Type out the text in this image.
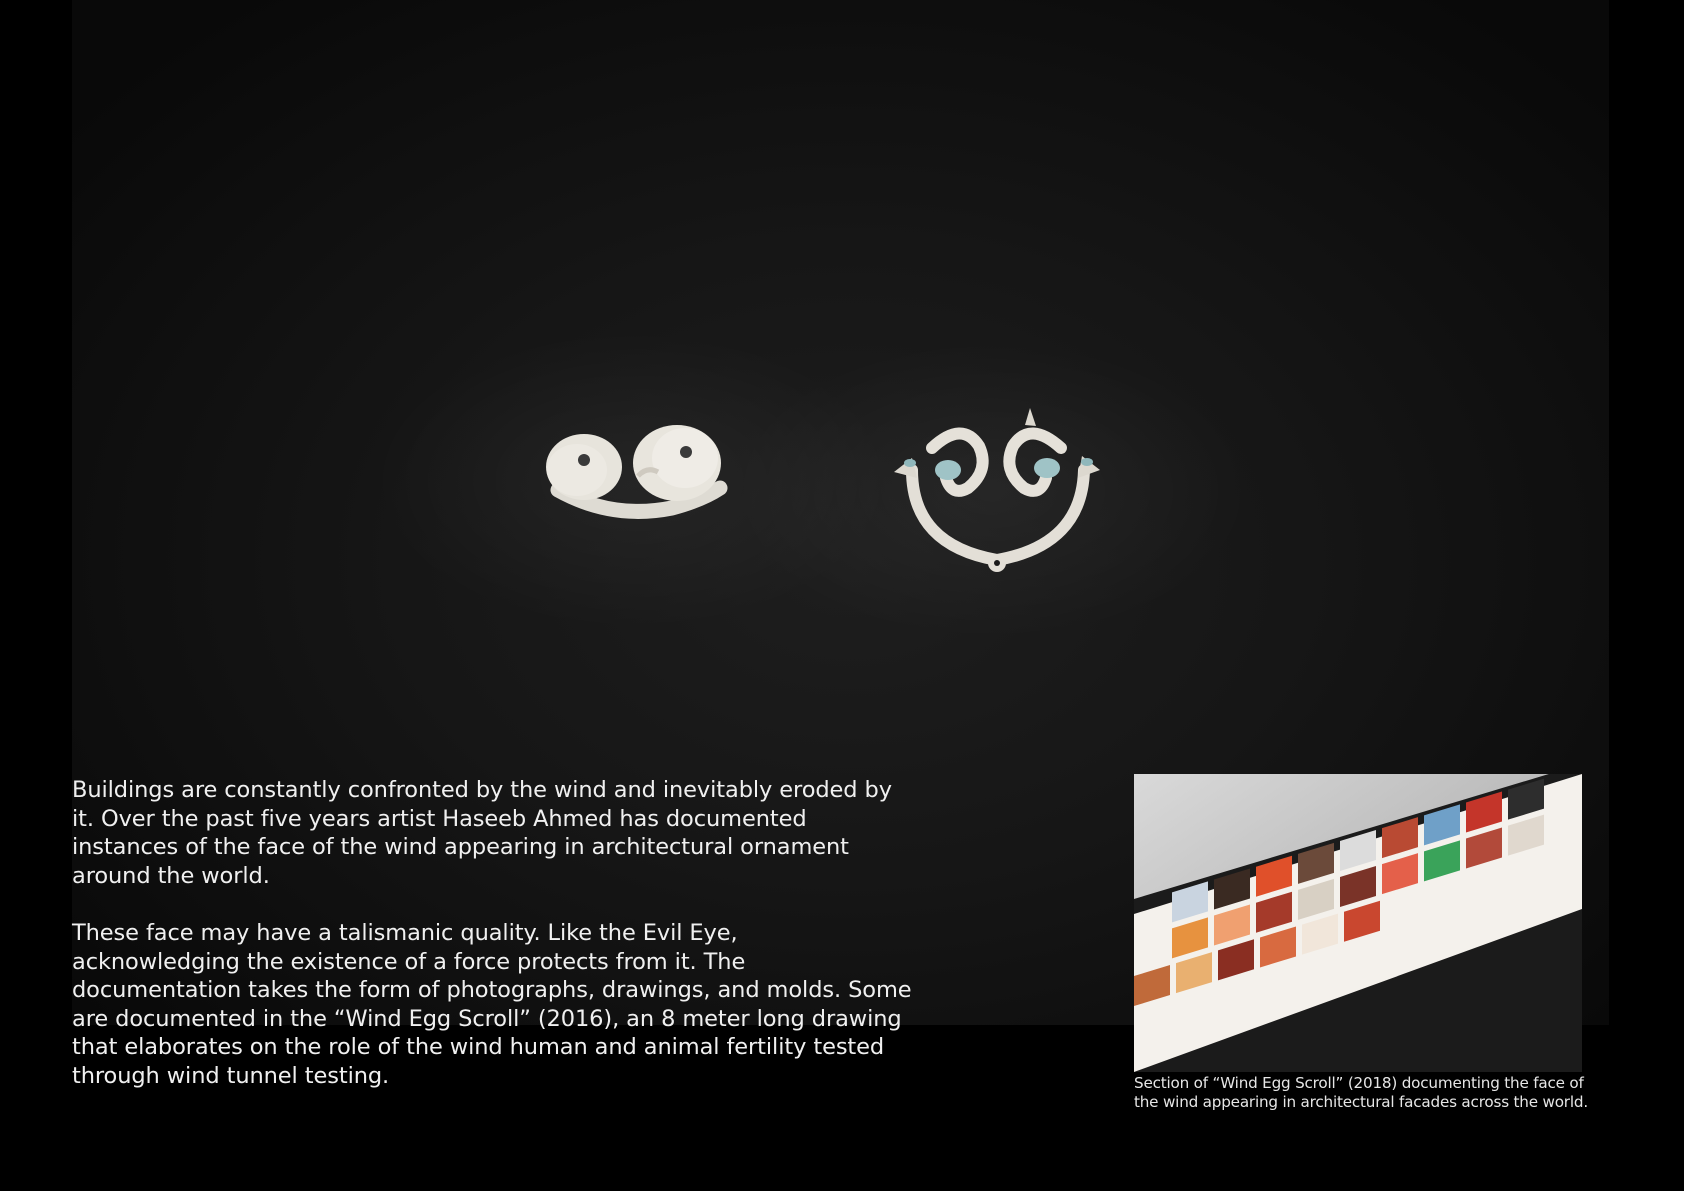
Buildings are constantly confronted by the wind and inevitably eroded by it. Over the past five years artist Haseeb Ahmed has documented instances of the face of the wind appearing in architectural ornament around the world.

These face may have a talismanic quality. Like the Evil Eye, acknowledging the existence of a force protects from it. The documentation takes the form of photographs, drawings, and molds. Some are documented in the “Wind Egg Scroll” (2016), an 8 meter long drawing that elaborates on the role of the wind human and animal fertility tested through wind tunnel testing.	Section of “Wind Egg Scroll” (2018) documenting the face of the wind appearing in architectural facades across the world.
